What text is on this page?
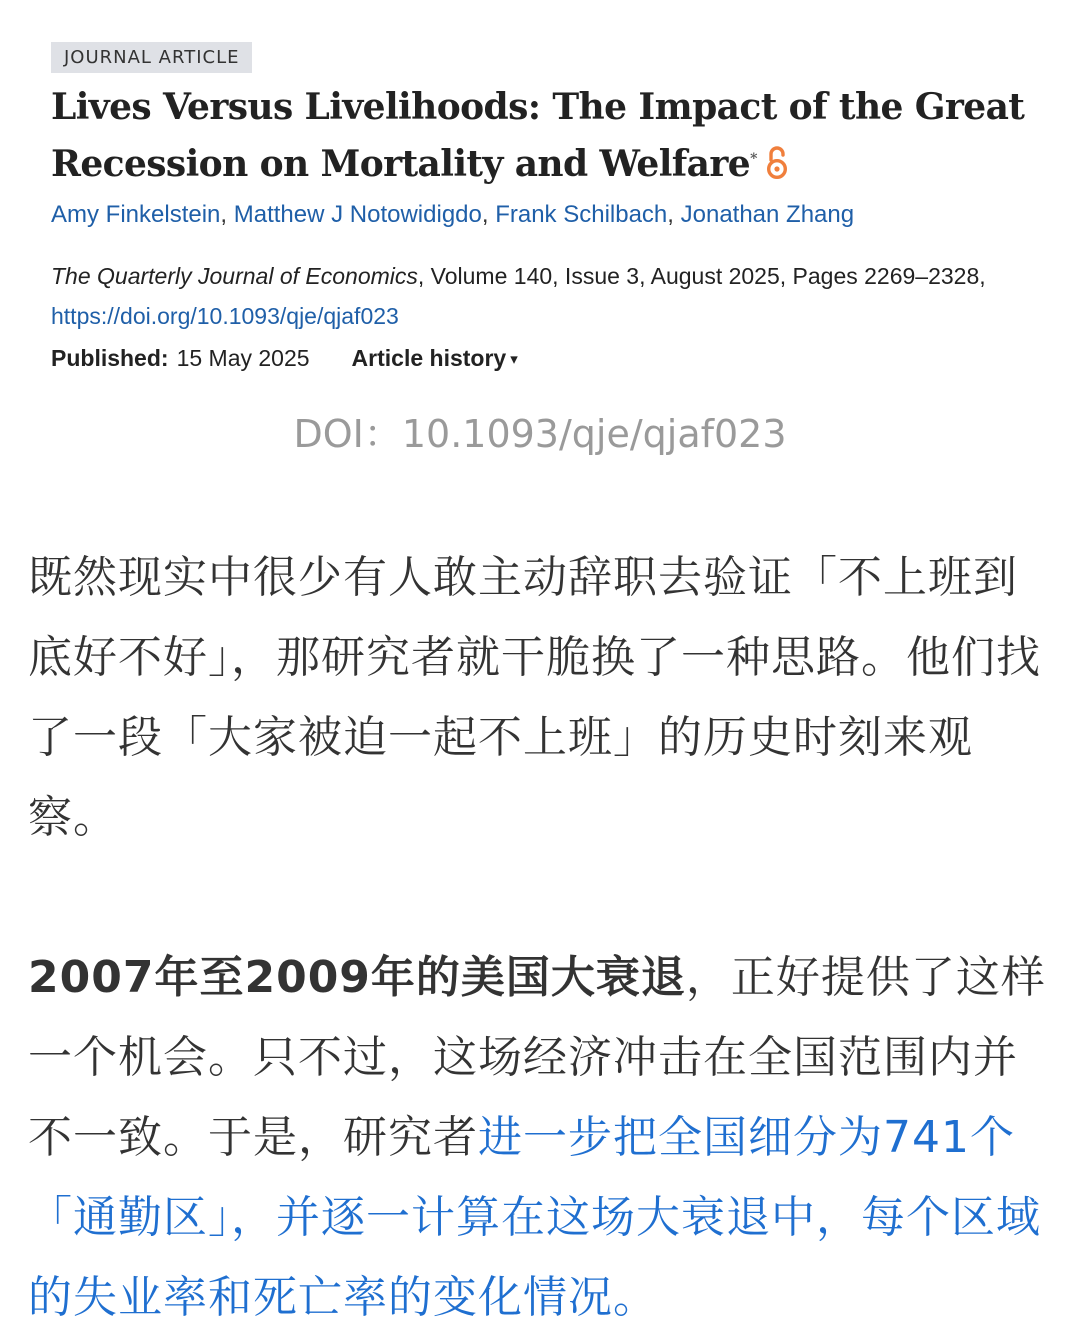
JOURNAL ARTICLE
Lives Versus Livelihoods: The Impact of the Great Recession on Mortality and Welfare*
Amy Finkelstein, Matthew J Notowidigdo, Frank Schilbach, Jonathan Zhang
The Quarterly Journal of Economics, Volume 140, Issue 3, August 2025, Pages 2269–2328,
https://doi.org/10.1093/qje/qjaf023
Published: 15 May 2025 Article history ▾
DOI：10.1093/qje/qjaf023

既然现实中很少有人敢主动辞职去验证「不上班到底好不好」，那研究者就干脆换了一种思路。他们找了一段「大家被迫一起不上班」的历史时刻来观察。

2007年至2009年的美国大衰退，正好提供了这样一个机会。只不过，这场经济冲击在全国范围内并不一致。于是，研究者进一步把全国细分为741个「通勤区」，并逐一计算在这场大衰退中，每个区域的失业率和死亡率的变化情况。
